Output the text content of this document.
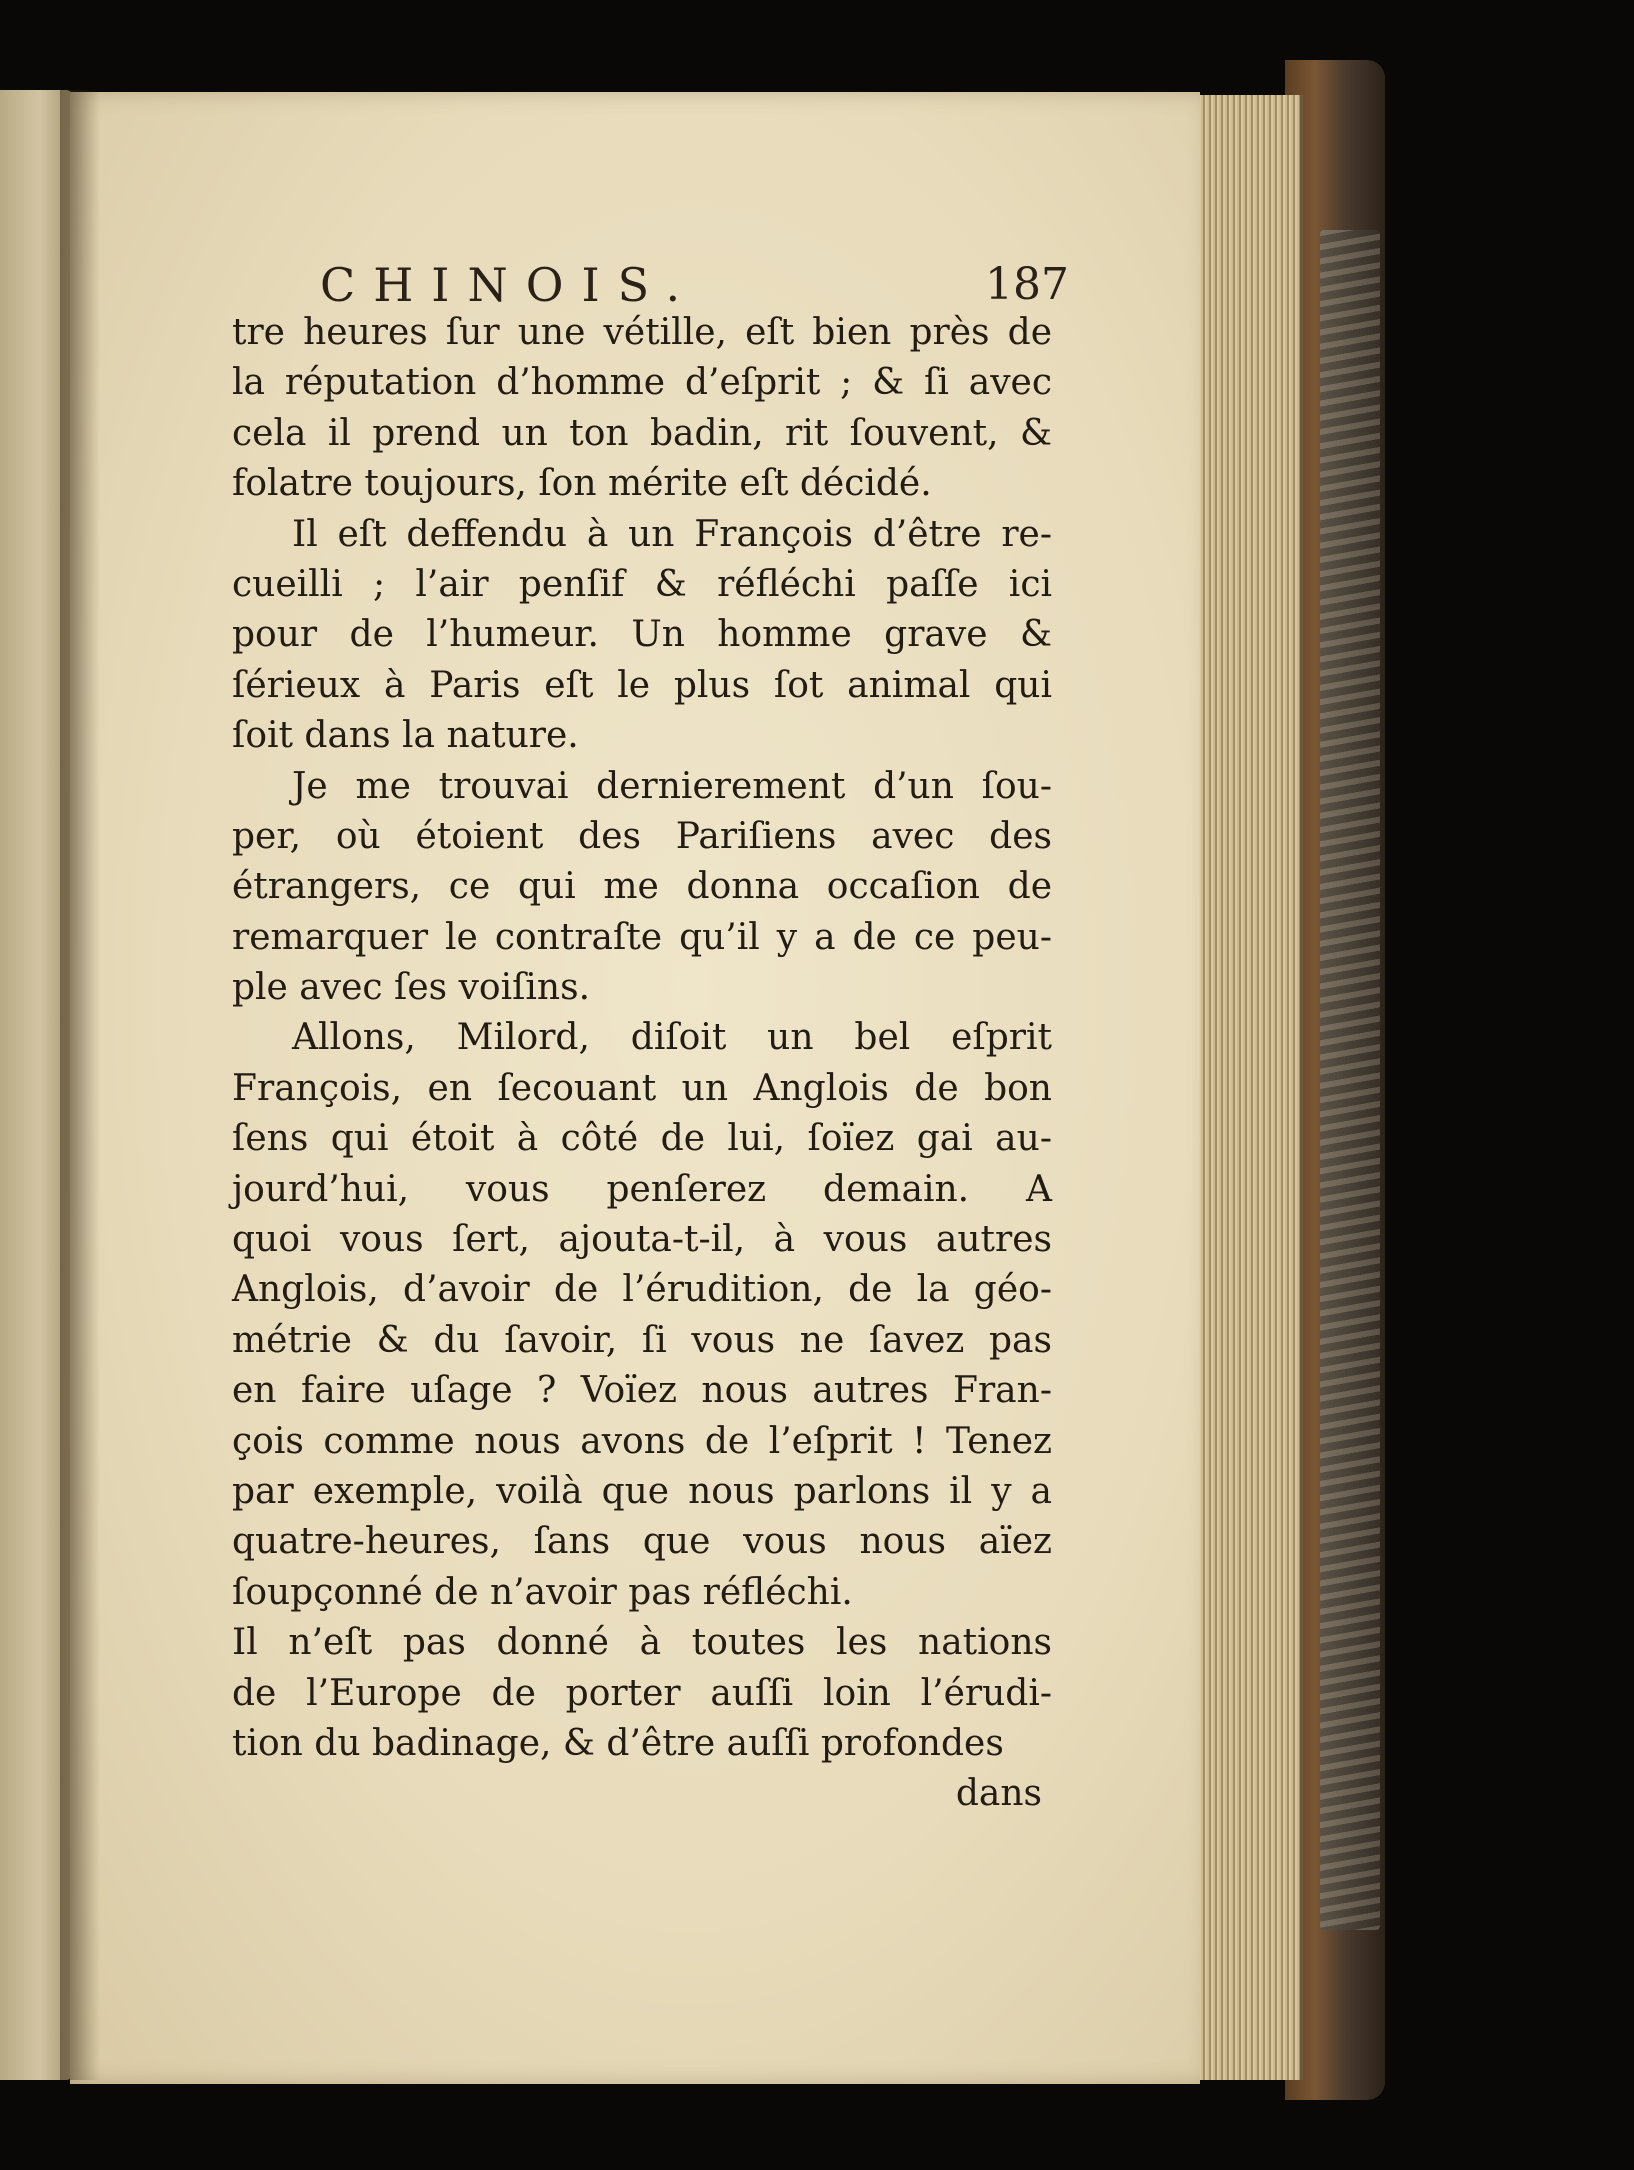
CHINOIS.	187
tre heures ſur une vétille, eſt bien près de
la réputation d’homme d’eſprit ; & ſi avec
cela il prend un ton badin, rit ſouvent, &
folatre toujours, ſon mérite eſt décidé.
Il eſt deffendu à un François d’être re-
cueilli ; l’air penſif & réfléchi paſſe ici
pour de l’humeur. Un homme grave &
ſérieux à Paris eſt le plus ſot animal qui
ſoit dans la nature.
Je me trouvai dernierement d’un ſou-
per, où étoient des Pariſiens avec des
étrangers, ce qui me donna occaſion de
remarquer le contraſte qu’il y a de ce peu-
ple avec ſes voiſins.
Allons, Milord, diſoit un bel eſprit
François, en ſecouant un Anglois de bon
ſens qui étoit à côté de lui, ſoïez gai au-
jourd’hui, vous penſerez demain. A
quoi vous ſert, ajouta-t-il, à vous autres
Anglois, d’avoir de l’érudition, de la géo-
métrie & du ſavoir, ſi vous ne ſavez pas
en faire uſage ? Voïez nous autres Fran-
çois comme nous avons de l’eſprit ! Tenez
par exemple, voilà que nous parlons il y a
quatre-heures, ſans que vous nous aïez
ſoupçonné de n’avoir pas réfléchi.
Il n’eſt pas donné à toutes les nations
de l’Europe de porter auſſi loin l’érudi-
tion du badinage, & d’être auſſi profondes
dans
